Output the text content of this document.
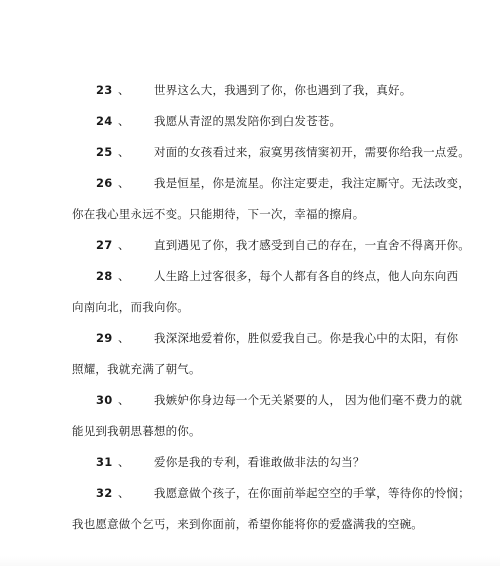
23 、 世界这么大，我遇到了你，你也遇到了我，真好。
24 、 我愿从青涩的黑发陪你到白发苍苍。
25 、 对面的女孩看过来，寂寞男孩情窦初开，需要你给我一点爱。
26 、 我是恒星，你是流星。你注定要走，我注定厮守。无法改变，
你在我心里永远不变。只能期待，下一次，幸福的擦肩。
27 、 直到遇见了你，我才感受到自己的存在，一直舍不得离开你。
28 、 人生路上过客很多，每个人都有各自的终点，他人向东向西
向南向北，而我向你。
29 、 我深深地爱着你，胜似爱我自己。你是我心中的太阳，有你
照耀，我就充满了朝气。
30 、 我嫉妒你身边每一个无关紧要的人， 因为他们毫不费力的就
能见到我朝思暮想的你。
31 、 爱你是我的专利，看谁敢做非法的勾当？
32 、 我愿意做个孩子，在你面前举起空空的手掌，等待你的怜悯；
我也愿意做个乞丐，来到你面前，希望你能将你的爱盛满我的空碗。
